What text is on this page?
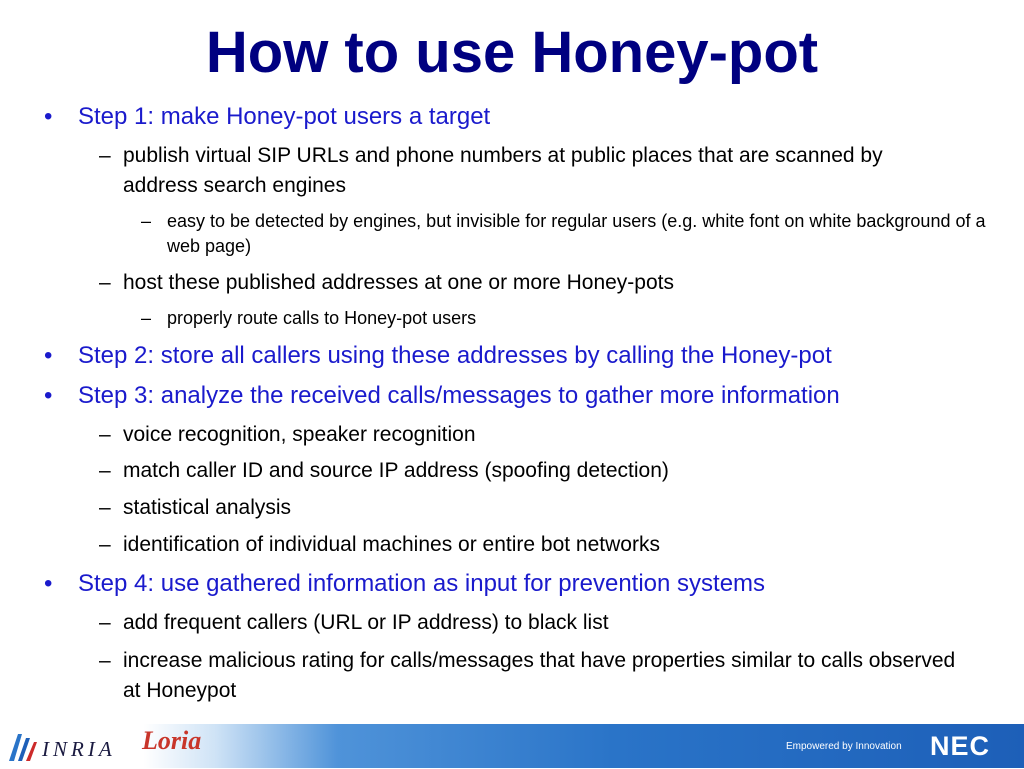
How to use Honey-pot
• Step 1: make Honey-pot users a target
– publish virtual SIP URLs and phone numbers at public places that are scanned by address search engines
– easy to be detected by engines, but invisible for regular users (e.g. white font on white background of a web page)
– host these published addresses at one or more Honey-pots
– properly route calls to Honey-pot users
• Step 2: store all callers using these addresses by calling the Honey-pot
• Step 3: analyze the received calls/messages to gather more information
– voice recognition, speaker recognition
– match caller ID and source IP address (spoofing detection)
– statistical analysis
– identification of individual machines or entire bot networks
• Step 4: use gathered information as input for prevention systems
– add frequent callers (URL or IP address) to black list
– increase malicious rating for calls/messages that have properties similar to calls observed at Honeypot
INRIA Loria	Empowered by Innovation NEC
